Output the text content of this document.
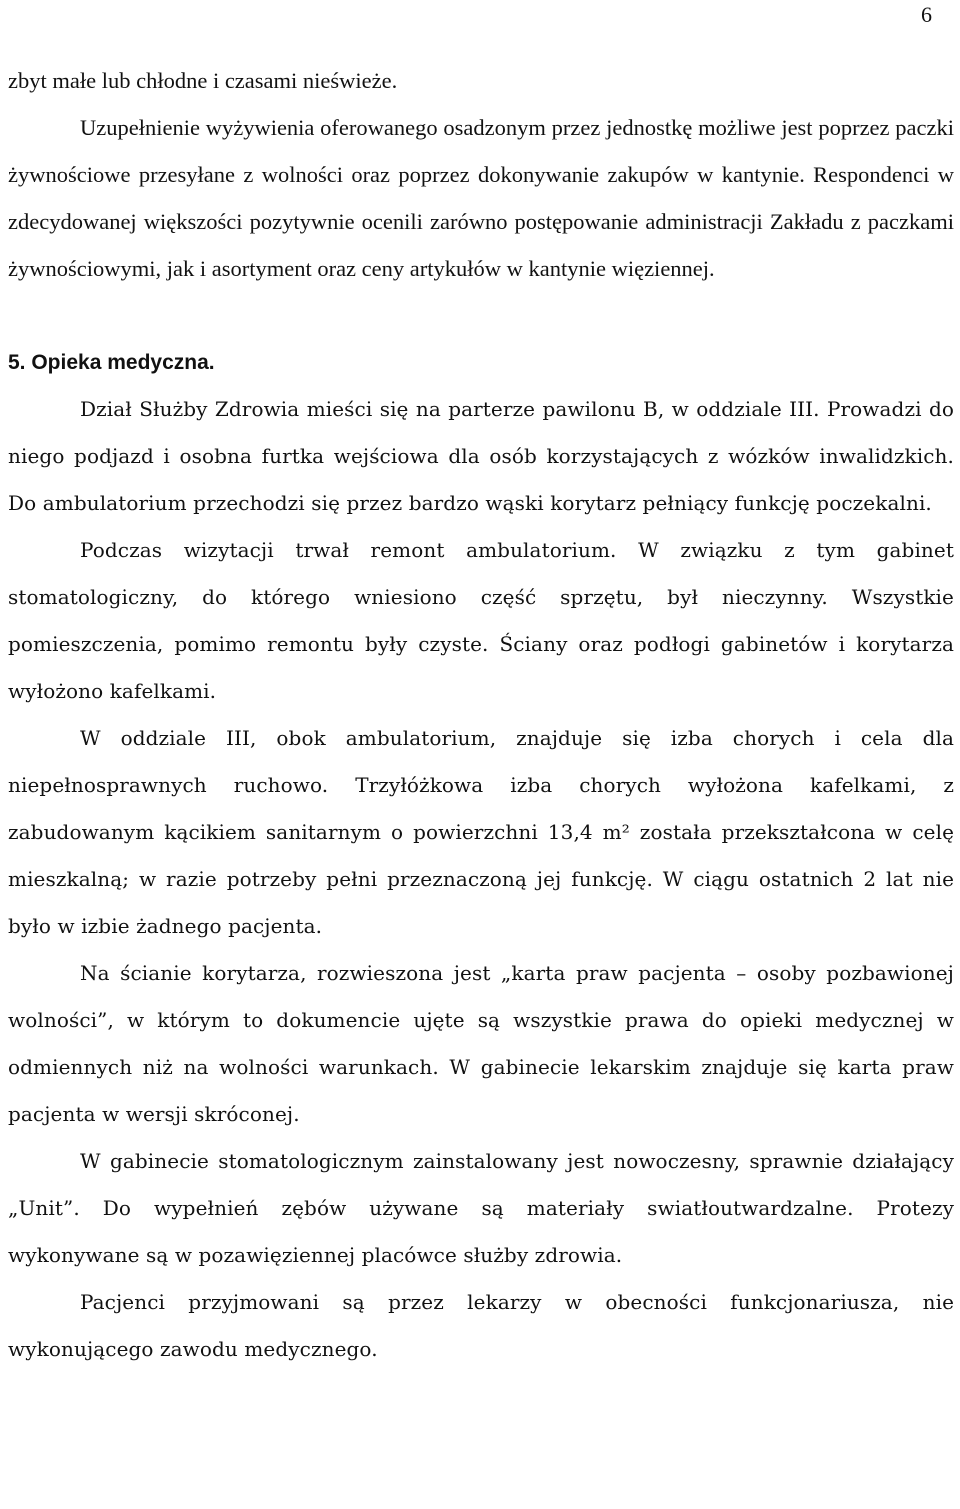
6

zbyt małe lub chłodne i czasami nieświeże.

Uzupełnienie wyżywienia oferowanego osadzonym przez jednostkę możliwe jest poprzez paczki żywnościowe przesyłane z wolności oraz poprzez dokonywanie zakupów w kantynie. Respondenci w zdecydowanej większości pozytywnie ocenili zarówno postępowanie administracji Zakładu z paczkami żywnościowymi, jak i asortyment oraz ceny artykułów w kantynie więziennej.

5. Opieka medyczna.

Dział Służby Zdrowia mieści się na parterze pawilonu B, w oddziale III. Prowadzi do niego podjazd i osobna furtka wejściowa dla osób korzystających z wózków inwalidzkich. Do ambulatorium przechodzi się przez bardzo wąski korytarz pełniący funkcję poczekalni.

Podczas wizytacji trwał remont ambulatorium. W związku z tym gabinet stomatologiczny, do którego wniesiono część sprzętu, był nieczynny. Wszystkie pomieszczenia, pomimo remontu były czyste. Ściany oraz podłogi gabinetów i korytarza wyłożono kafelkami.

W oddziale III, obok ambulatorium, znajduje się izba chorych i cela dla niepełnosprawnych ruchowo. Trzyłóżkowa izba chorych wyłożona kafelkami, z zabudowanym kącikiem sanitarnym o powierzchni 13,4 m² została przekształcona w celę mieszkalną; w razie potrzeby pełni przeznaczoną jej funkcję. W ciągu ostatnich 2 lat nie było w izbie żadnego pacjenta.

Na ścianie korytarza, rozwieszona jest „karta praw pacjenta – osoby pozbawionej wolności”, w którym to dokumencie ujęte są wszystkie prawa do opieki medycznej w odmiennych niż na wolności warunkach. W gabinecie lekarskim znajduje się karta praw pacjenta w wersji skróconej.

W gabinecie stomatologicznym zainstalowany jest nowoczesny, sprawnie działający „Unit”. Do wypełnień zębów używane są materiały swiatłoutwardzalne. Protezy wykonywane są w pozawięziennej placówce służby zdrowia.

Pacjenci przyjmowani są przez lekarzy w obecności funkcjonariusza, nie wykonującego zawodu medycznego.
